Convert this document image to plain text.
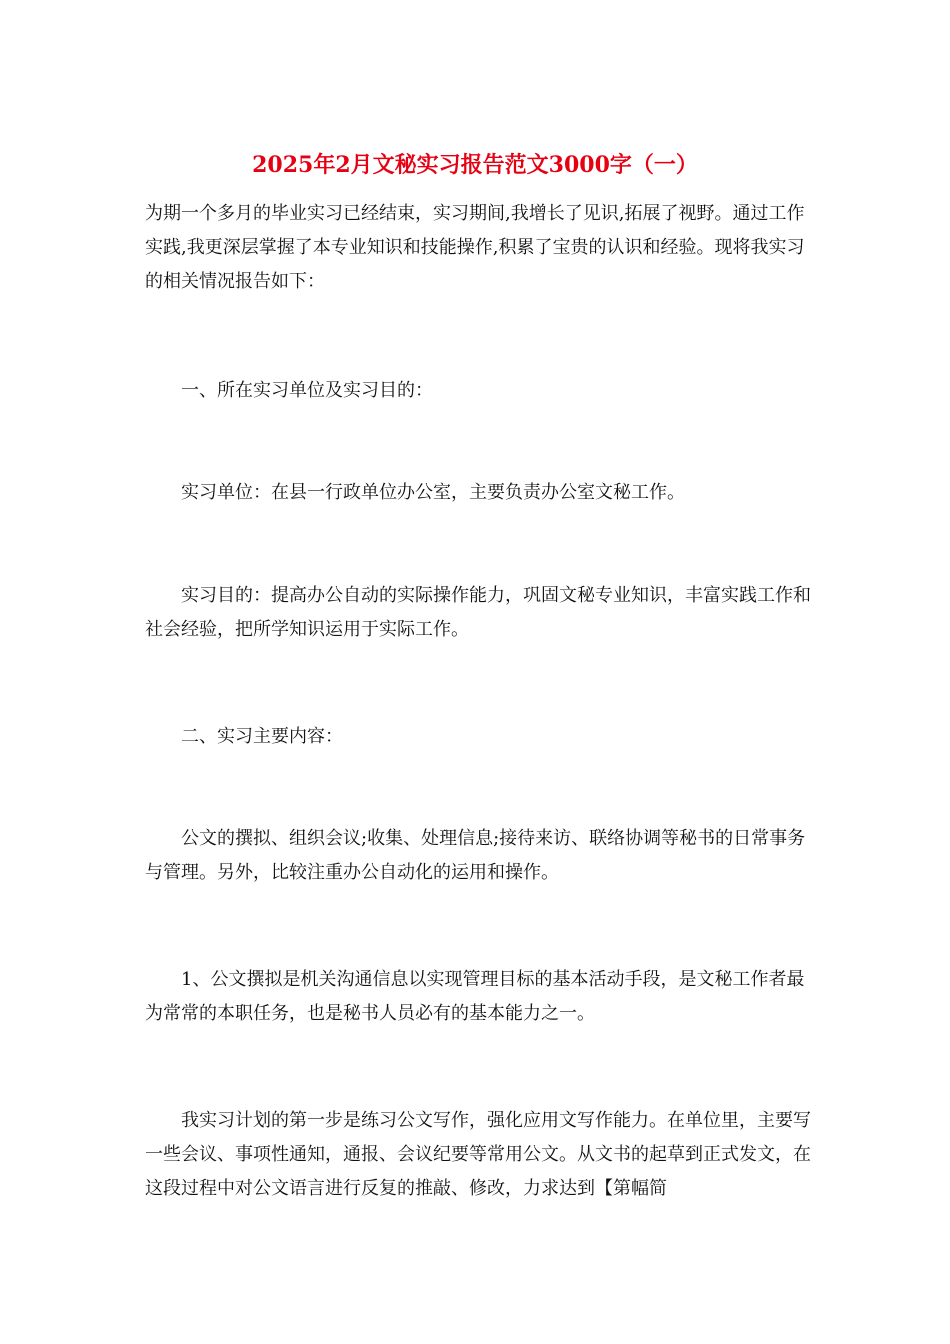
2025年2月文秘实习报告范文3000字（一）

为期一个多月的毕业实习已经结束，实习期间,我增长了见识,拓展了视野。通过工作实践,我更深层掌握了本专业知识和技能操作,积累了宝贵的认识和经验。现将我实习的相关情况报告如下：

一、所在实习单位及实习目的：

实习单位：在县一行政单位办公室，主要负责办公室文秘工作。

实习目的：提高办公自动的实际操作能力，巩固文秘专业知识，丰富实践工作和社会经验，把所学知识运用于实际工作。

二、实习主要内容：

公文的撰拟、组织会议;收集、处理信息;接待来访、联络协调等秘书的日常事务与管理。另外，比较注重办公自动化的运用和操作。

1、公文撰拟是机关沟通信息以实现管理目标的基本活动手段，是文秘工作者最为常常的本职任务，也是秘书人员必有的基本能力之一。

我实习计划的第一步是练习公文写作，强化应用文写作能力。在单位里，主要写一些会议、事项性通知，通报、会议纪要等常用公文。从文书的起草到正式发文，在这段过程中对公文语言进行反复的推敲、修改，力求达到【第幅简
